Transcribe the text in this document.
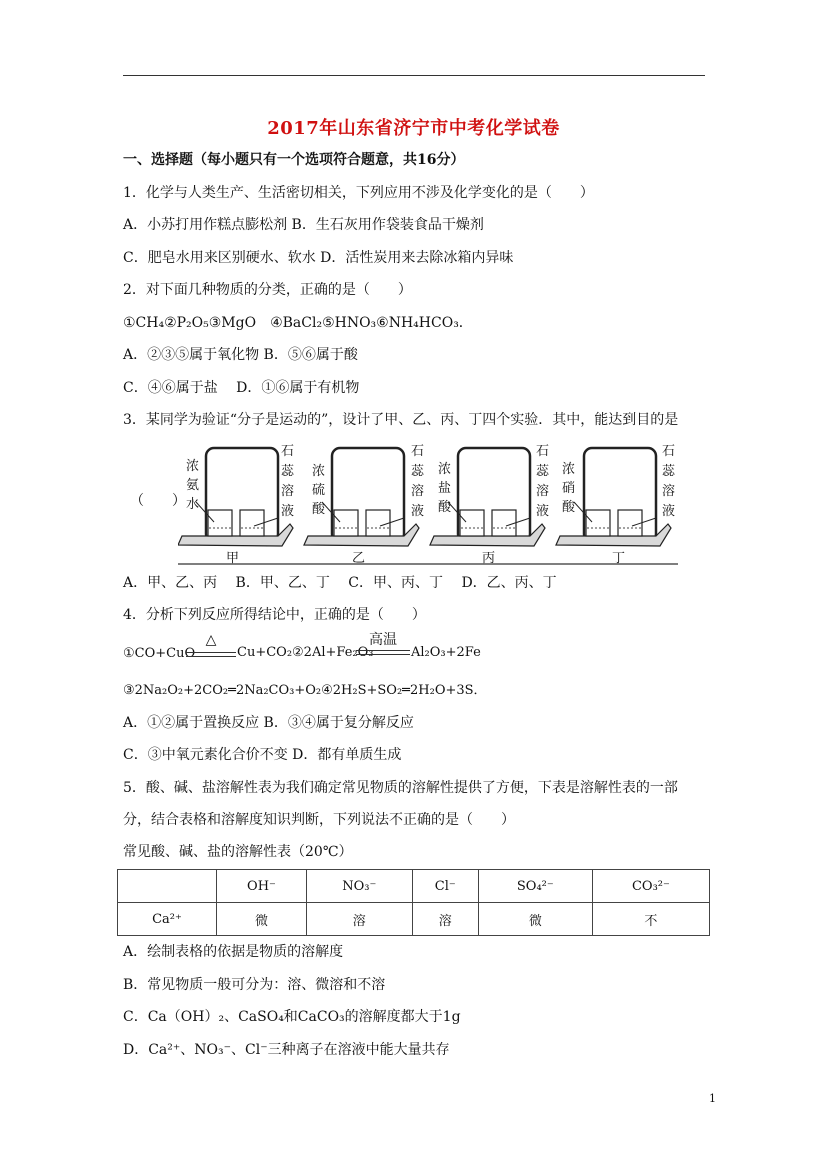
2017年山东省济宁市中考化学试卷
一、选择题（每小题只有一个选项符合题意，共16分）
1．化学与人类生产、生活密切相关，下列应用不涉及化学变化的是（　　）
A．小苏打用作糕点膨松剂 B．生石灰用作袋装食品干燥剂
C．肥皂水用来区别硬水、软水 D．活性炭用来去除冰箱内异味
2．对下面几种物质的分类，正确的是（　　）
①CH₄②P₂O₅③MgO　④BaCl₂⑤HNO₃⑥NH₄HCO₃．
A．②③⑤属于氧化物 B．⑤⑥属于酸
C．④⑥属于盐　 D．①⑥属于有机物
3．某同学为验证“分子是运动的”，设计了甲、乙、丙、丁四个实验．其中，能达到目的是
（　　）
浓
氨
水
石
蕊
溶
液
甲
浓
硫
酸
石
蕊
溶
液
乙
浓
盐
酸
石
蕊
溶
液
丙
浓
硝
酸
石
蕊
溶
液
丁
A．甲、乙、丙　 B．甲、乙、丁　 C．甲、丙、丁　 D．乙、丙、丁
4．分析下列反应所得结论中，正确的是（　　）
①CO+CuO
△
Cu+CO₂②2Al+Fe₂O₃
高温
Al₂O₃+2Fe
③2Na₂O₂+2CO₂═2Na₂CO₃+O₂④2H₂S+SO₂═2H₂O+3S．
A．①②属于置换反应 B．③④属于复分解反应
C．③中氧元素化合价不变 D．都有单质生成
5．酸、碱、盐溶解性表为我们确定常见物质的溶解性提供了方便，下表是溶解性表的一部
分，结合表格和溶解度知识判断，下列说法不正确的是（　　）
常见酸、碱、盐的溶解性表（20℃）
	OH⁻	NO₃⁻	Cl⁻	SO₄²⁻	CO₃²⁻
Ca²⁺	微	溶	溶	微	不
A．绘制表格的依据是物质的溶解度
B．常见物质一般可分为：溶、微溶和不溶
C．Ca（OH）₂、CaSO₄和CaCO₃的溶解度都大于1g
D．Ca²⁺、NO₃⁻、Cl⁻三种离子在溶液中能大量共存
1
